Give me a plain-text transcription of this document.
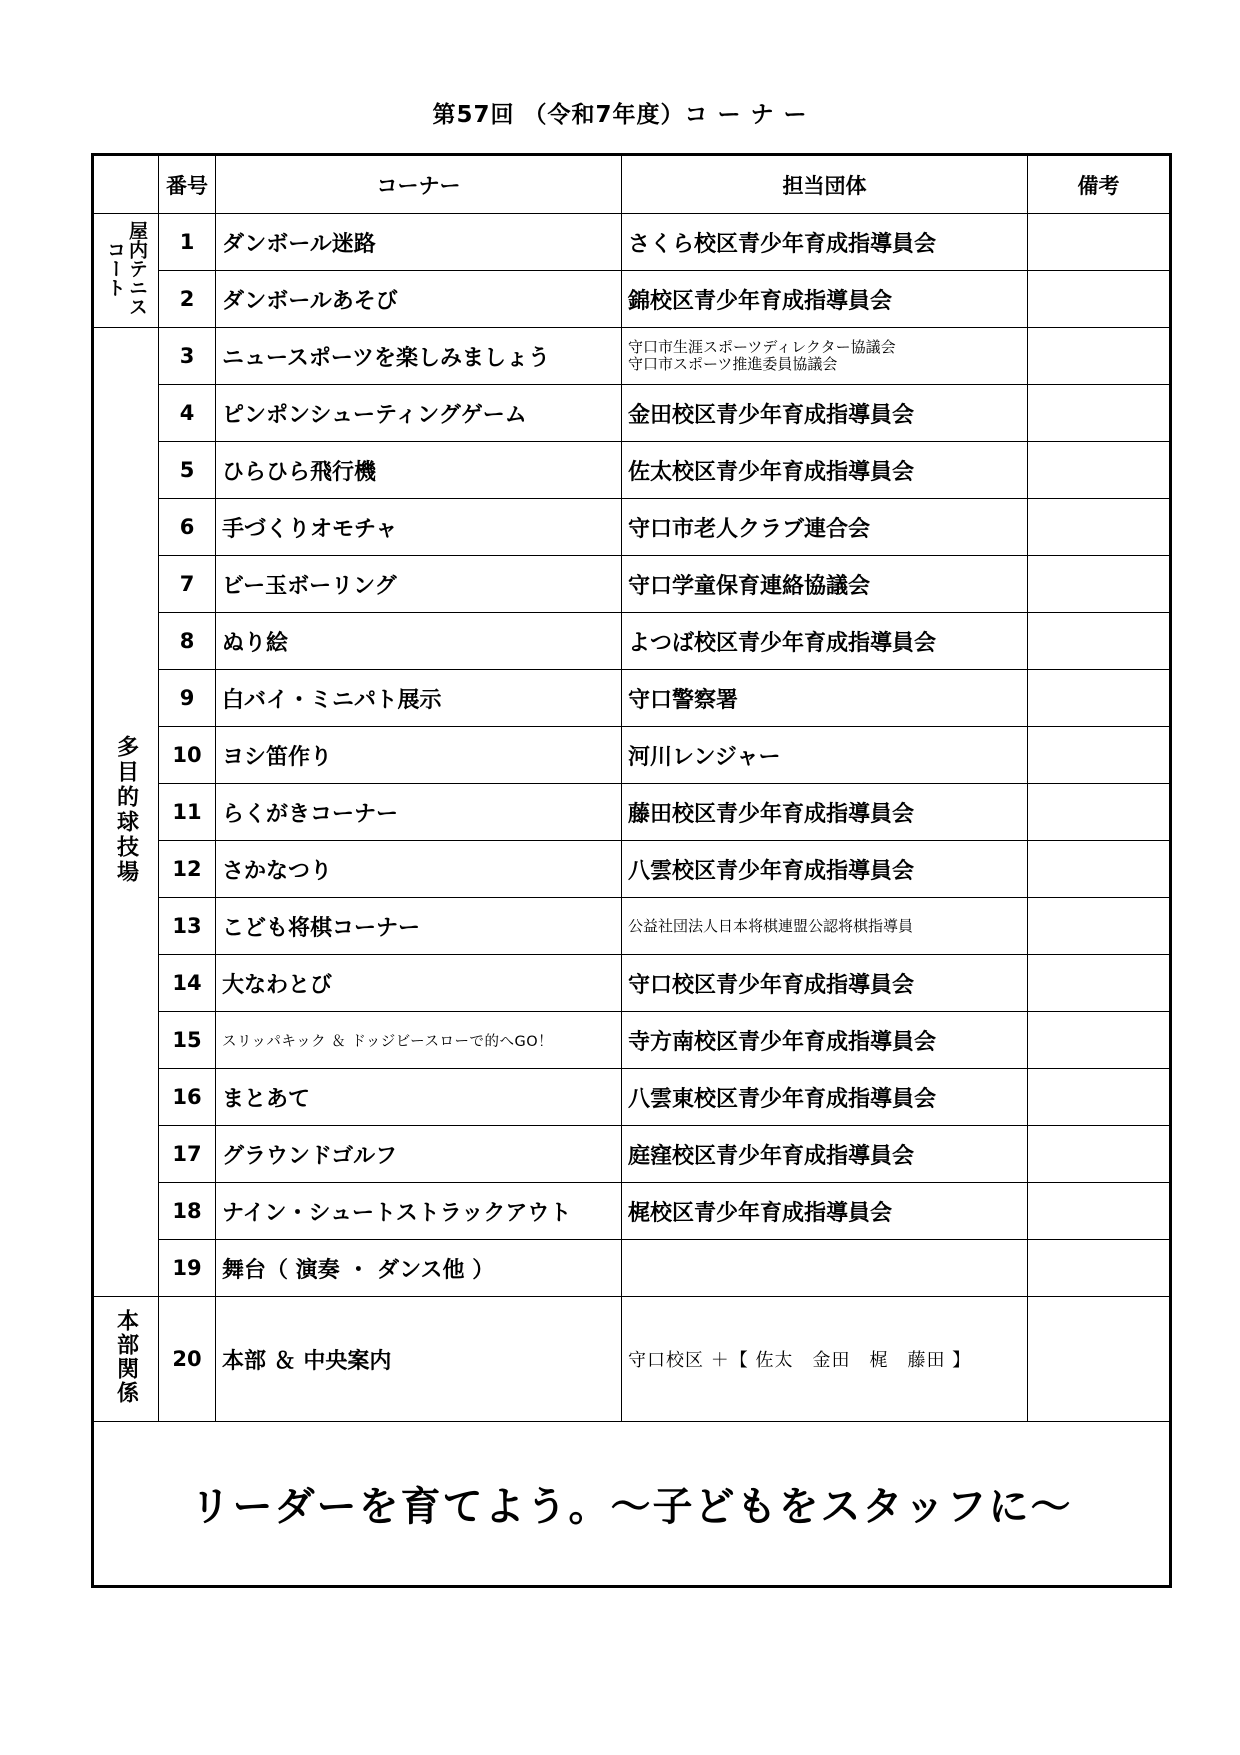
第57回 （令和7年度）コ ー ナ ー
	番号	コーナー	担当団体	備考
屋内テニスコート	1	ダンボール迷路	さくら校区青少年育成指導員会	
	2	ダンボールあそび	錦校区青少年育成指導員会	
多目的球技場	3	ニュースポーツを楽しみましょう	守口市生涯スポーツディレクター協議会
守口市スポーツ推進委員協議会	

	4	ピンポンシューティングゲーム	金田校区青少年育成指導員会	
	5	ひらひら飛行機	佐太校区青少年育成指導員会	
	6	手づくりオモチャ	守口市老人クラブ連合会	
	7	ビー玉ボーリング	守口学童保育連絡協議会	
	8	ぬり絵	よつば校区青少年育成指導員会	
	9	白バイ・ミニパト展示	守口警察署	
	10	ヨシ笛作り	河川レンジャー	
	11	らくがきコーナー	藤田校区青少年育成指導員会	
	12	さかなつり	八雲校区青少年育成指導員会	
	13	こども将棋コーナー	公益社団法人日本将棋連盟公認将棋指導員	
	14	大なわとび	守口校区青少年育成指導員会	
	15	スリッパキック ＆ ドッジビースローで的へGO！	寺方南校区青少年育成指導員会	
	16	まとあて	八雲東校区青少年育成指導員会	
	17	グラウンドゴルフ	庭窪校区青少年育成指導員会	
	18	ナイン・シュートストラックアウト	梶校区青少年育成指導員会	
	19	舞台（ 演奏 ・ ダンス他 ）		
本部関係	20	本部 ＆ 中央案内	守口校区 ＋【 佐太　金田　梶　藤田 】	
リーダーを育てよう。～子どもをスタッフに～				
